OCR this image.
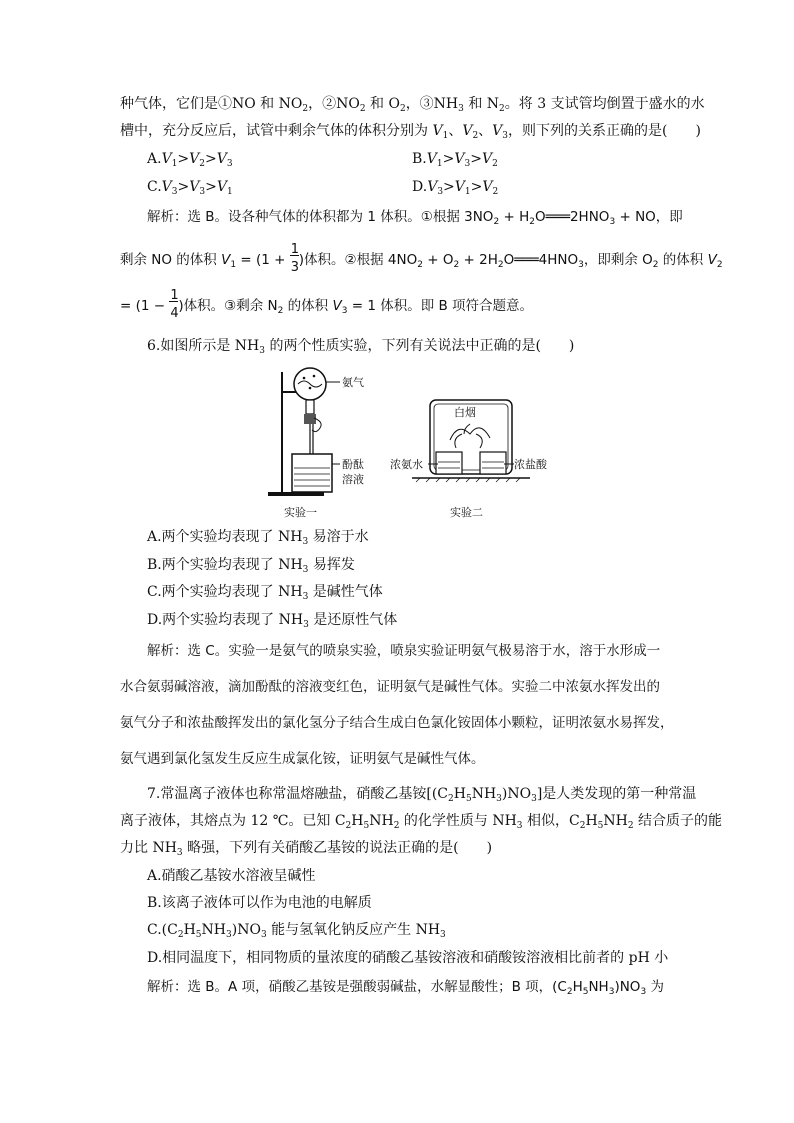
种气体，它们是①NO 和 $NO_2$，$②NO_2$ 和 $O_2$，$③NH_3$ 和 $N_2$。将 3 支试管均倒置于盛水的水
槽中，充分反应后，试管中剩余气体的体积分别为 $V_1$、$V_2$、$V_3$，则下列的关系正确的是(　　)
$A.V_1>V_2>V_3$	$B.V_1>V_3>V_2$
$C.V_3>V_3>V_1$	$D.V_3>V_1>V_2$
解析：选 B。设各种气体的体积都为 1 体积。①根据 $3NO_2$ + $H_2O═══2HNO_3$ + NO，即
剩余 NO 的体积 $V_1 = (1 + \frac{1}{3}$ )体积。②根据 $4NO_2 + O_2$ + $2H_2O═══4HNO_3$，即剩余 $O_2$ 的体积 $V_2$
= ($1 - \frac{1}{4}$ )体积。③剩余 $N_2$ 的体积 $V_3 = 1$ 体积。即 B 项符合题意。
6.如图所示是 $NH_3$ 的两个性质实验，下列有关说法中正确的是(　　)
氨气
酚酞
溶液
实验一
白烟
浓氨水	浓盐酸
实验二
A.两个实验均表现了 $NH_3$ 易溶于水
B.两个实验均表现了 $NH_3$ 易挥发
C.两个实验均表现了 $NH_3$ 是碱性气体
D.两个实验均表现了 $NH_3$ 是还原性气体
解析：选 C。实验一是氨气的喷泉实验，喷泉实验证明氨气极易溶于水，溶于水形成一
水合氨弱碱溶液，滴加酚酞的溶液变红色，证明氨气是碱性气体。实验二中浓氨水挥发出的
氨气分子和浓盐酸挥发出的氯化氢分子结合生成白色氯化铵固体小颗粒，证明浓氨水易挥发，
氨气遇到氯化氢发生反应生成氯化铵，证明氨气是碱性气体。
7.常温离子液体也称常温熔融盐，硝酸乙基铵$[(C_2H_5NH_3)NO_3]$是人类发现的第一种常温
离子液体，其熔点为 12 ℃。已知 $C_2H_5NH_2$ 的化学性质与 $NH_3$ 相似，$C_2H_5NH_2$ 结合质子的能
力比 $NH_3$ 略强，下列有关硝酸乙基铵的说法正确的是(　　)
A.硝酸乙基铵水溶液呈碱性
B.该离子液体可以作为电池的电解质
$C.(C_2H_5NH_3)NO_3$ 能与氢氧化钠反应产生 $NH_3$
D.相同温度下，相同物质的量浓度的硝酸乙基铵溶液和硝酸铵溶液相比前者的 pH 小
解析：选 B。A 项，硝酸乙基铵是强酸弱碱盐，水解显酸性；B 项，$(C_2H_5NH_3)NO_3$ 为
